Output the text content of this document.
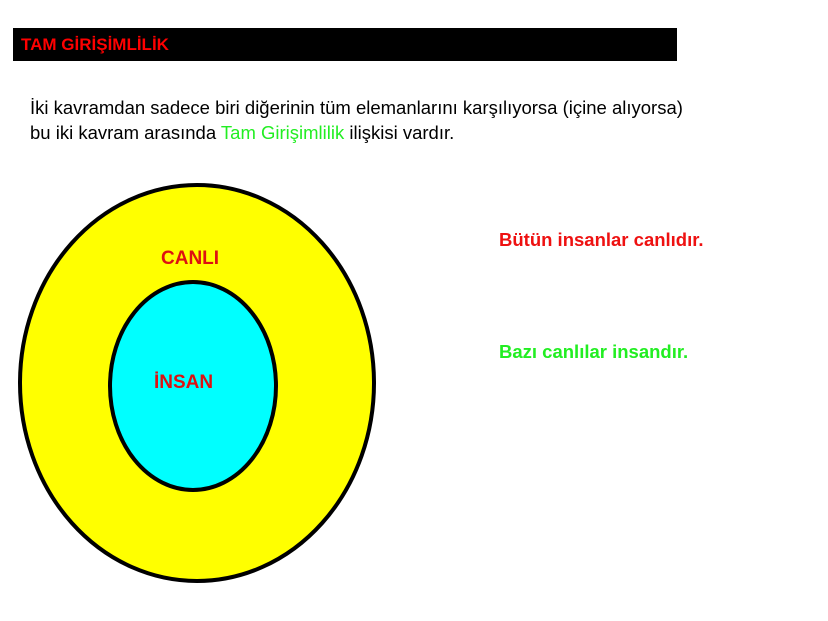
TAM GİRİŞİMLİLİK
İki kavramdan sadece biri diğerinin tüm elemanlarını karşılıyorsa (içine alıyorsa)
bu iki kavram arasında Tam Girişimlilik ilişkisi vardır.
CANLI
İNSAN
Bütün insanlar canlıdır.
Bazı canlılar insandır.
